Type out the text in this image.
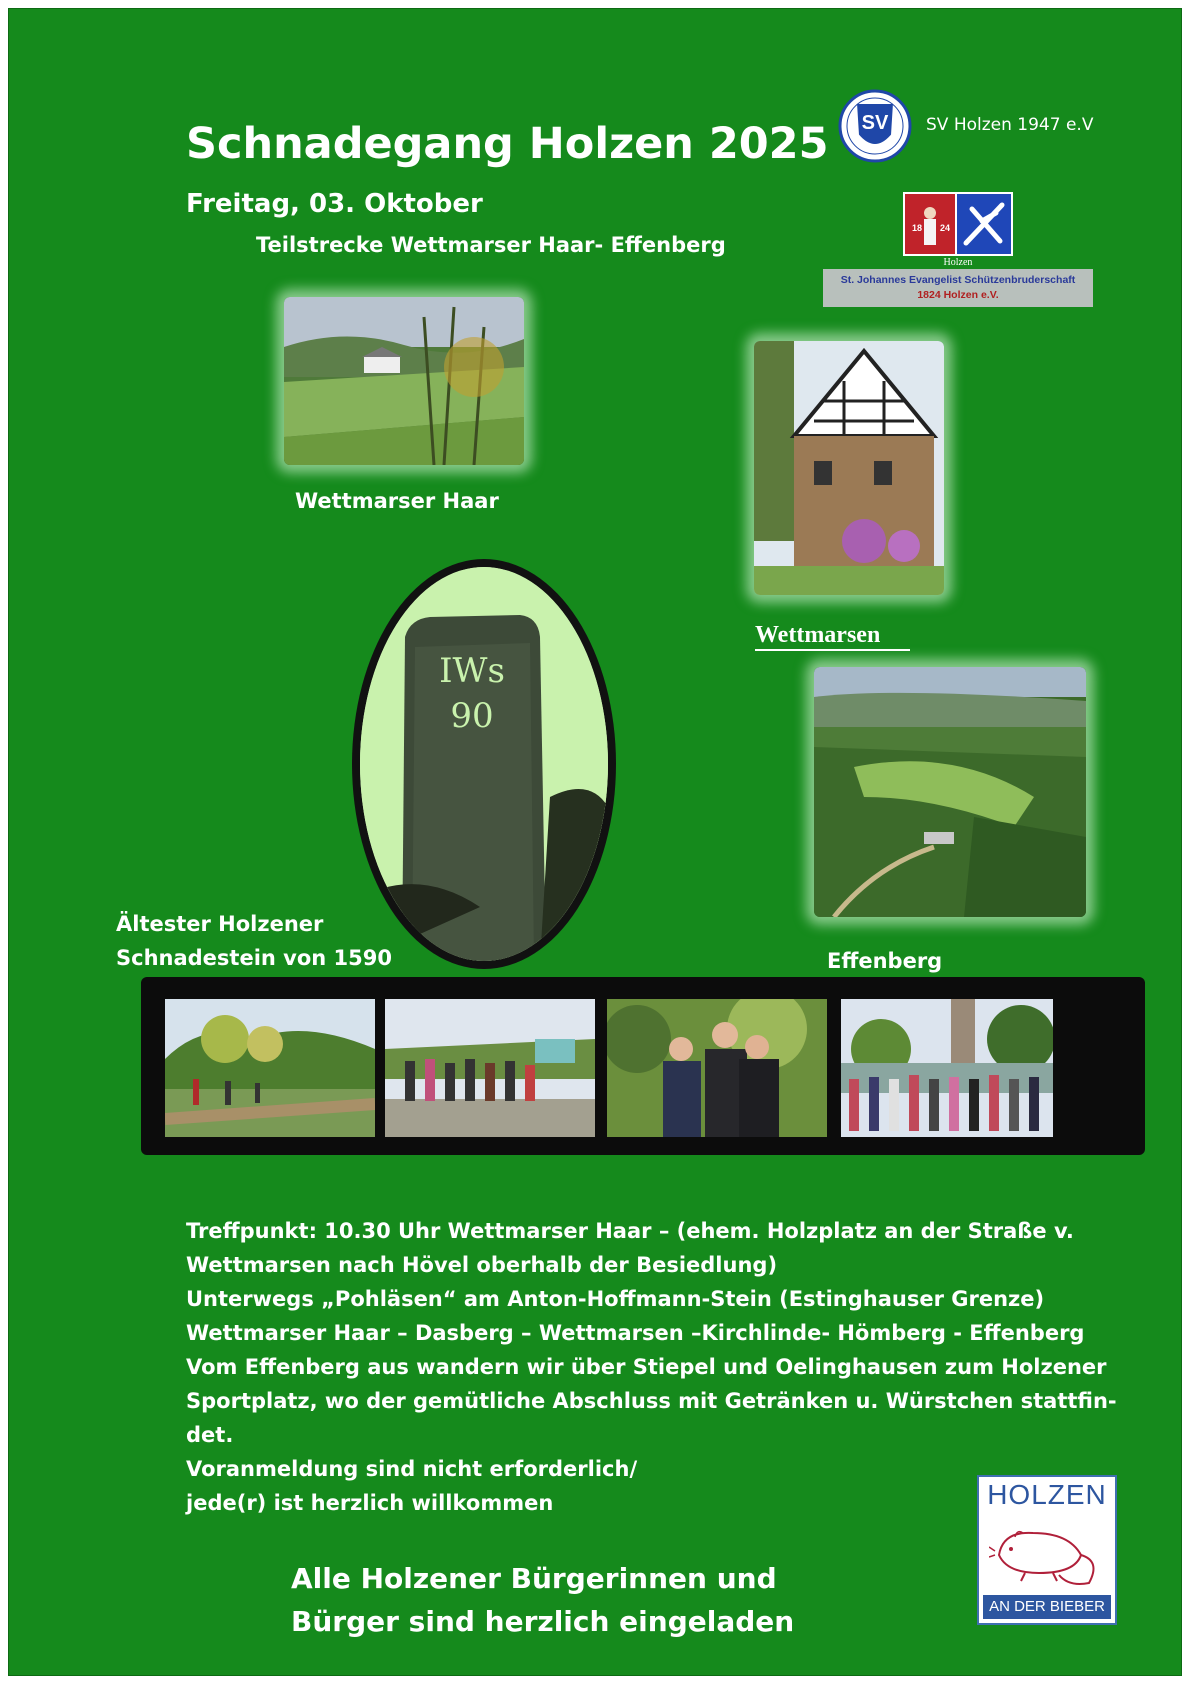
Schnadegang Holzen 2025
Freitag, 03. Oktober
Teilstrecke Wettmarser Haar- Effenberg
SV SV Holzen 1947 e.V
18 24
Holzen
St. Johannes Evangelist Schützenbruderschaft
1824 Holzen e.V.
Wettmarser Haar
Wettmarsen
Effenberg
IWs
90
Ältester Holzener
Schnadestein von 1590
Treffpunkt: 10.30 Uhr Wettmarser Haar – (ehem. Holzplatz an der Straße v.
Wettmarsen nach Hövel oberhalb der Besiedlung)
Unterwegs „Pohläsen“ am Anton-Hoffmann-Stein (Estinghauser Grenze)
Wettmarser Haar – Dasberg – Wettmarsen –Kirchlinde- Hömberg - Effenberg
Vom Effenberg aus wandern wir über Stiepel und Oelinghausen zum Holzener
Sportplatz, wo der gemütliche Abschluss mit Getränken u. Würstchen stattfin-
det.
Voranmeldung sind nicht erforderlich/
jede(r) ist herzlich willkommen
Alle Holzener Bürgerinnen und
Bürger sind herzlich eingeladen
HOLZEN
AN DER BIEBER
